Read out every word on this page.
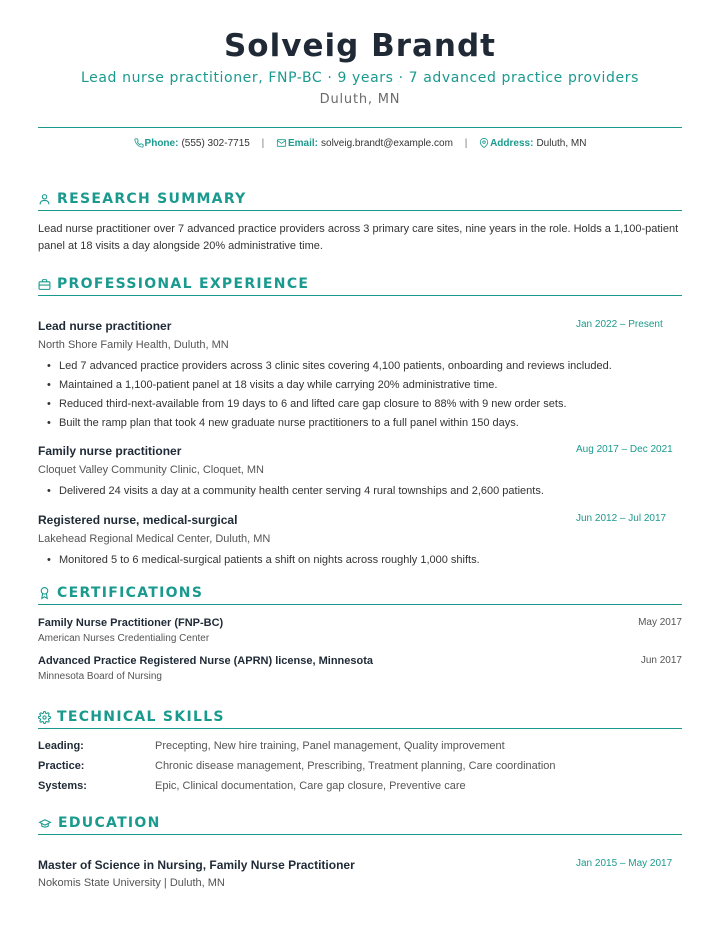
Solveig Brandt
Lead nurse practitioner, FNP-BC · 9 years · 7 advanced practice providers
Duluth, MN
Phone: (555) 302-7715 | Email: solveig.brandt@example.com | Address: Duluth, MN
RESEARCH SUMMARY
Lead nurse practitioner over 7 advanced practice providers across 3 primary care sites, nine years in the role. Holds a 1,100-patient panel at 18 visits a day alongside 20% administrative time.
PROFESSIONAL EXPERIENCE
Lead nurse practitioner	Jan 2022 – Present
North Shore Family Health, Duluth, MN
• Led 7 advanced practice providers across 3 clinic sites covering 4,100 patients, onboarding and reviews included.
• Maintained a 1,100-patient panel at 18 visits a day while carrying 20% administrative time.
• Reduced third-next-available from 19 days to 6 and lifted care gap closure to 88% with 9 new order sets.
• Built the ramp plan that took 4 new graduate nurse practitioners to a full panel within 150 days.
Family nurse practitioner	Aug 2017 – Dec 2021
Cloquet Valley Community Clinic, Cloquet, MN
• Delivered 24 visits a day at a community health center serving 4 rural townships and 2,600 patients.
Registered nurse, medical-surgical	Jun 2012 – Jul 2017
Lakehead Regional Medical Center, Duluth, MN
• Monitored 5 to 6 medical-surgical patients a shift on nights across roughly 1,000 shifts.
CERTIFICATIONS
Family Nurse Practitioner (FNP-BC)	May 2017
American Nurses Credentialing Center
Advanced Practice Registered Nurse (APRN) license, Minnesota	Jun 2017
Minnesota Board of Nursing
TECHNICAL SKILLS
Leading:	Precepting, New hire training, Panel management, Quality improvement
Practice:	Chronic disease management, Prescribing, Treatment planning, Care coordination
Systems:	Epic, Clinical documentation, Care gap closure, Preventive care
EDUCATION
Master of Science in Nursing, Family Nurse Practitioner	Jan 2015 – May 2017
Nokomis State University | Duluth, MN
